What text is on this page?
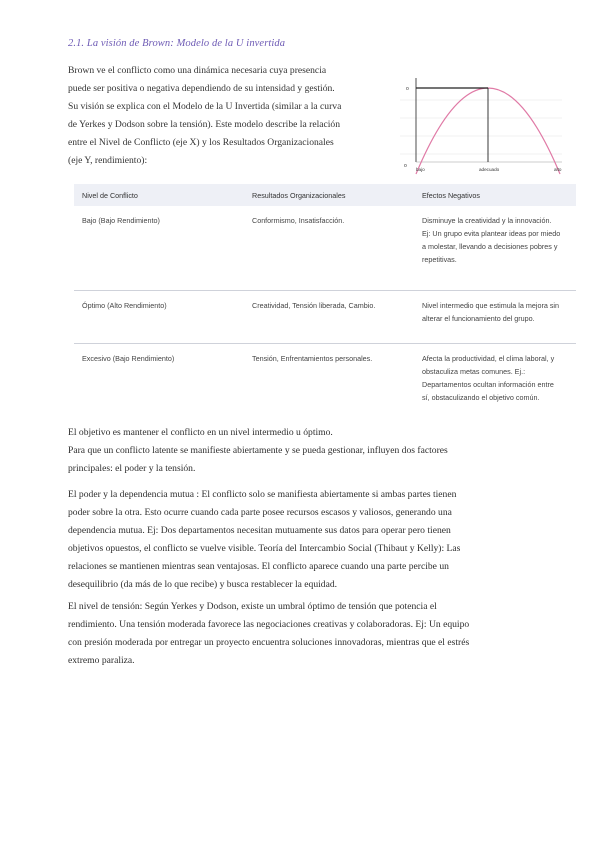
2.1. La visión de Brown: Modelo de la U invertida

Brown ve el conflicto como una dinámica necesaria cuya presencia

puede ser positiva o negativa dependiendo de su intensidad y gestión.

Su visión se explica con el Modelo de la U Invertida (similar a la curva

de Yerkes y Dodson sobre la tensión). Este modelo describe la relación

entre el Nivel de Conflicto (eje X) y los Resultados Organizacionales

(eje Y, rendimiento):

o
o
bajo	adecuado	alto
Nivel de Conflicto	Resultados Organizacionales	Efectos Negativos
Bajo (Bajo Rendimiento)	Conformismo, Insatisfacción.	Disminuye la creatividad y la innovación.
Ej: Un grupo evita plantear ideas por miedo
a molestar, llevando a decisiones pobres y
repetitivas.

Óptimo (Alto Rendimiento)	Creatividad, Tensión liberada, Cambio.	Nivel intermedio que estimula la mejora sin
alterar el funcionamiento del grupo.

Excesivo (Bajo Rendimiento)	Tensión, Enfrentamientos personales.	Afecta la productividad, el clima laboral, y
obstaculiza metas comunes. Ej.:
Departamentos ocultan información entre
sí, obstaculizando el objetivo común.

El objetivo es mantener el conflicto en un nivel intermedio u óptimo.

Para que un conflicto latente se manifieste abiertamente y se pueda gestionar, influyen dos factores

principales: el poder y la tensión.

El poder y la dependencia mutua : El conflicto solo se manifiesta abiertamente si ambas partes tienen

poder sobre la otra. Esto ocurre cuando cada parte posee recursos escasos y valiosos, generando una

dependencia mutua. Ej: Dos departamentos necesitan mutuamente sus datos para operar pero tienen

objetivos opuestos, el conflicto se vuelve visible. Teoría del Intercambio Social (Thibaut y Kelly): Las

relaciones se mantienen mientras sean ventajosas. El conflicto aparece cuando una parte percibe un

desequilibrio (da más de lo que recibe) y busca restablecer la equidad.

El nivel de tensión: Según Yerkes y Dodson, existe un umbral óptimo de tensión que potencia el

rendimiento. Una tensión moderada favorece las negociaciones creativas y colaboradoras. Ej: Un equipo

con presión moderada por entregar un proyecto encuentra soluciones innovadoras, mientras que el estrés

extremo paraliza.
